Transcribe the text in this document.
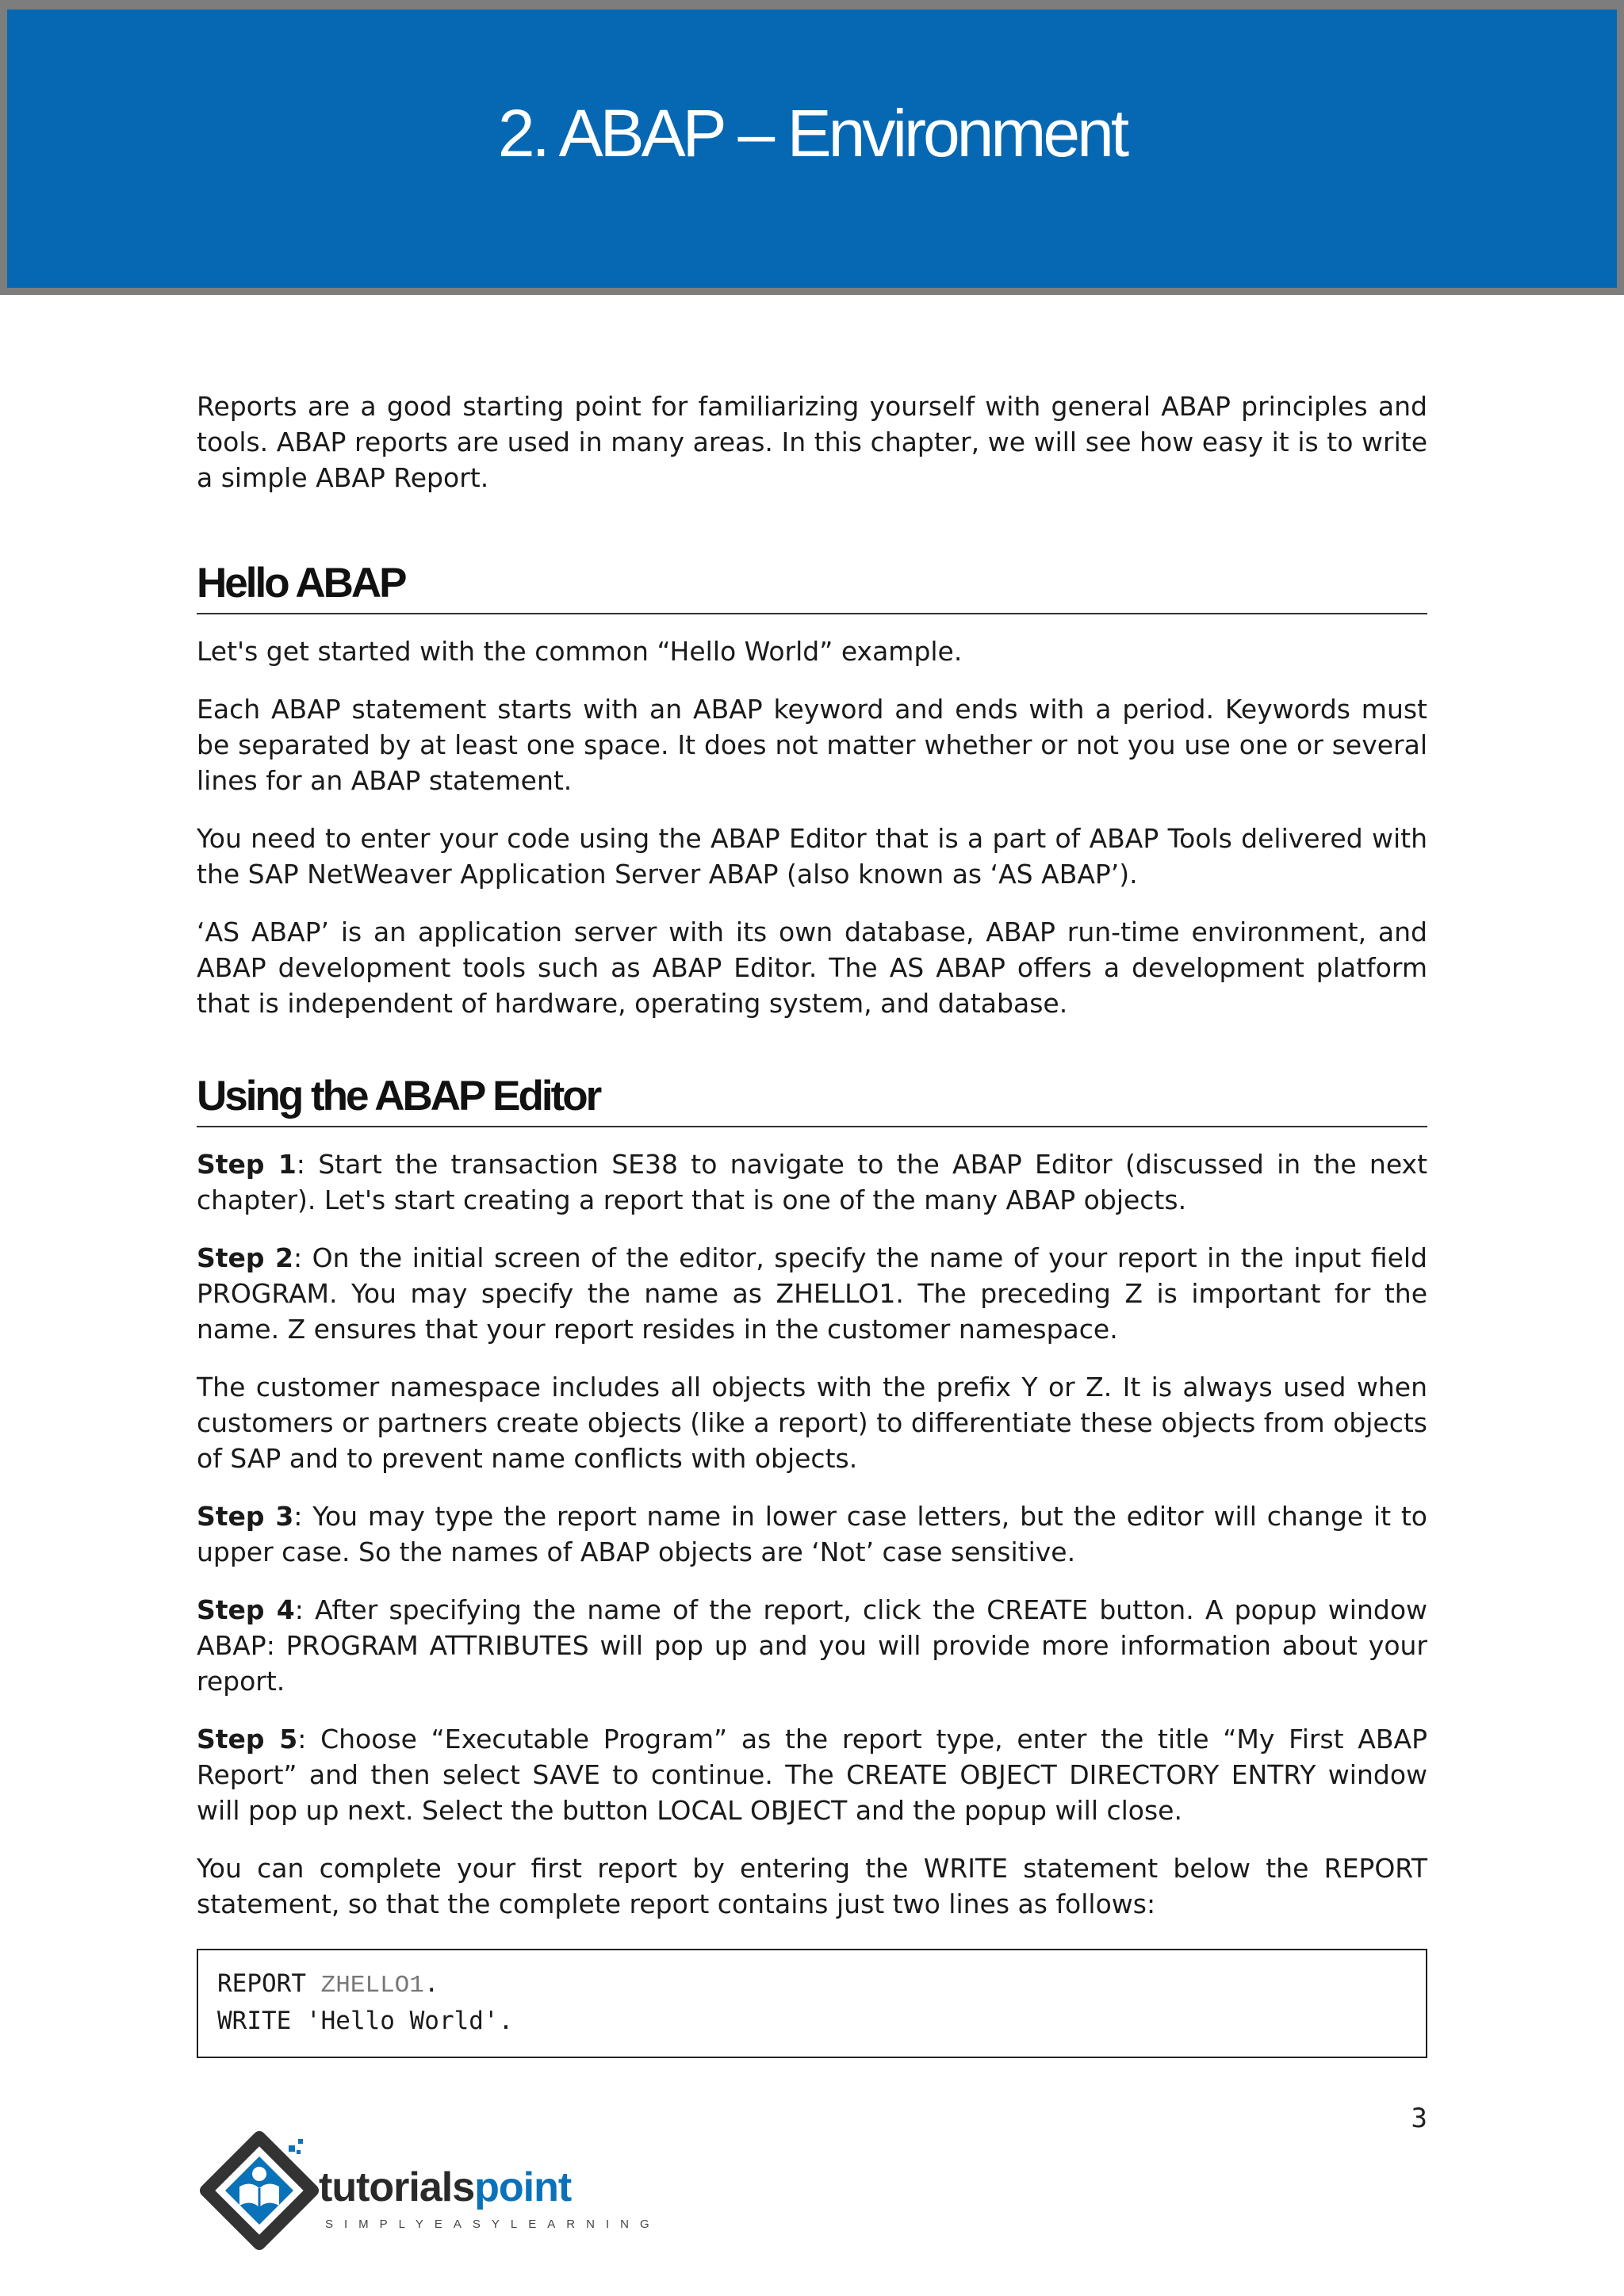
2. ABAP – Environment

Reports are a good starting point for familiarizing yourself with general ABAP principles and tools. ABAP reports are used in many areas. In this chapter, we will see how easy it is to write a simple ABAP Report.

Hello ABAP

Let's get started with the common “Hello World” example.

Each ABAP statement starts with an ABAP keyword and ends with a period. Keywords must be separated by at least one space. It does not matter whether or not you use one or several lines for an ABAP statement.

You need to enter your code using the ABAP Editor that is a part of ABAP Tools delivered with the SAP NetWeaver Application Server ABAP (also known as ‘AS ABAP’).

‘AS ABAP’ is an application server with its own database, ABAP run-time environment, and ABAP development tools such as ABAP Editor. The AS ABAP offers a development platform that is independent of hardware, operating system, and database.

Using the ABAP Editor

Step 1: Start the transaction SE38 to navigate to the ABAP Editor (discussed in the next chapter). Let's start creating a report that is one of the many ABAP objects.

Step 2: On the initial screen of the editor, specify the name of your report in the input field PROGRAM. You may specify the name as ZHELLO1. The preceding Z is important for the name. Z ensures that your report resides in the customer namespace.

The customer namespace includes all objects with the prefix Y or Z. It is always used when customers or partners create objects (like a report) to differentiate these objects from objects of SAP and to prevent name conflicts with objects.

Step 3: You may type the report name in lower case letters, but the editor will change it to upper case. So the names of ABAP objects are ‘Not’ case sensitive.

Step 4: After specifying the name of the report, click the CREATE button. A popup window ABAP: PROGRAM ATTRIBUTES will pop up and you will provide more information about your report.

Step 5: Choose “Executable Program” as the report type, enter the title “My First ABAP Report” and then select SAVE to continue. The CREATE OBJECT DIRECTORY ENTRY window will pop up next. Select the button LOCAL OBJECT and the popup will close.

You can complete your first report by entering the WRITE statement below the REPORT statement, so that the complete report contains just two lines as follows:

REPORT ZHELLO1.
WRITE 'Hello World'.
3
tutorialspoint
SIMPLYEASYLEARNING
